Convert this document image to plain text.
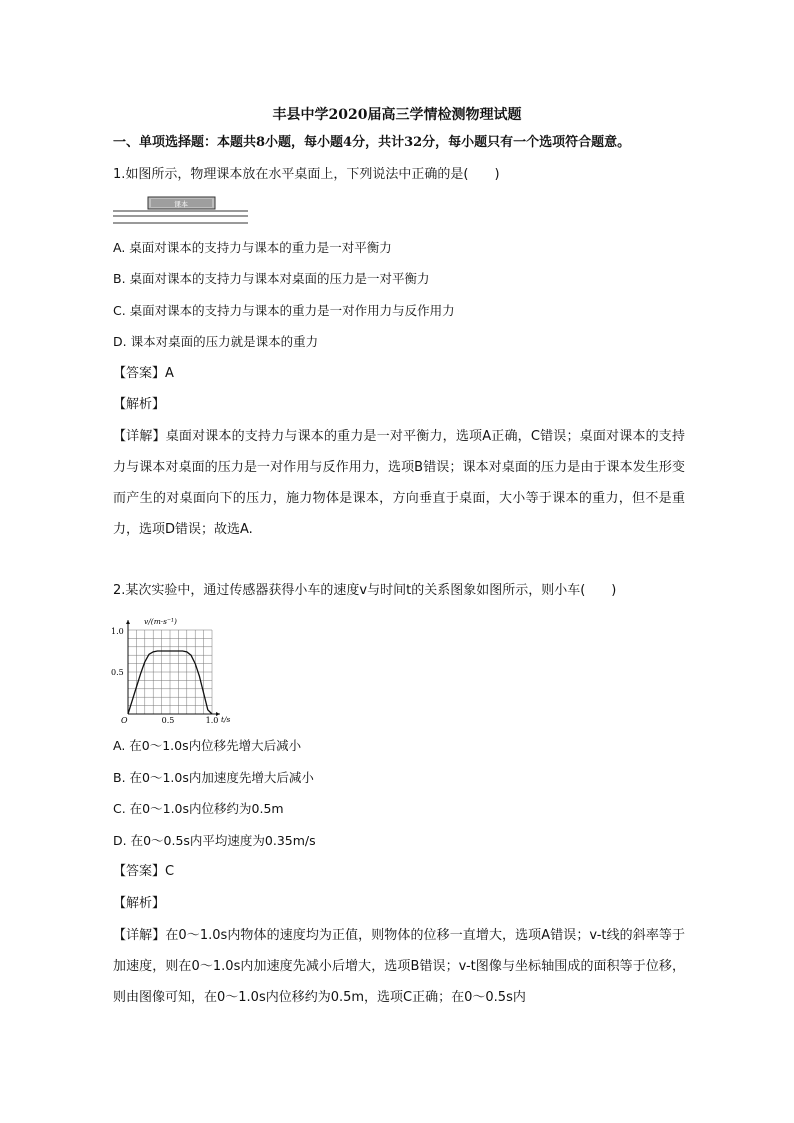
丰县中学2020届高三学情检测物理试题
一、单项选择题：本题共8小题，每小题4分，共计32分，每小题只有一个选项符合题意。
1.如图所示，物理课本放在水平桌面上，下列说法中正确的是(　　)
课本
A. 桌面对课本的支持力与课本的重力是一对平衡力
B. 桌面对课本的支持力与课本对桌面的压力是一对平衡力
C. 桌面对课本的支持力与课本的重力是一对作用力与反作用力
D. 课本对桌面的压力就是课本的重力
【答案】A
【解析】
【详解】桌面对课本的支持力与课本的重力是一对平衡力，选项A正确，C错误；桌面对课本的支持力与课本对桌面的压力是一对作用与反作用力，选项B错误；课本对桌面的压力是由于课本发生形变而产生的对桌面向下的压力，施力物体是课本，方向垂直于桌面，大小等于课本的重力，但不是重力，选项D错误；故选A.
2.某次实验中，通过传感器获得小车的速度v与时间t的关系图象如图所示，则小车(　　)
v/(m·s⁻¹)
t/s
O	0.5	1.0
0.5
1.0
A. 在0～1.0s内位移先增大后减小
B. 在0～1.0s内加速度先增大后减小
C. 在0～1.0s内位移约为0.5m
D. 在0～0.5s内平均速度为0.35m/s
【答案】C
【解析】
【详解】在0～1.0s内物体的速度均为正值，则物体的位移一直增大，选项A错误；v-t线的斜率等于加速度，则在0～1.0s内加速度先减小后增大，选项B错误；v-t图像与坐标轴围成的面积等于位移，则由图像可知，在0～1.0s内位移约为0.5m，选项C正确；在0～0.5s内
